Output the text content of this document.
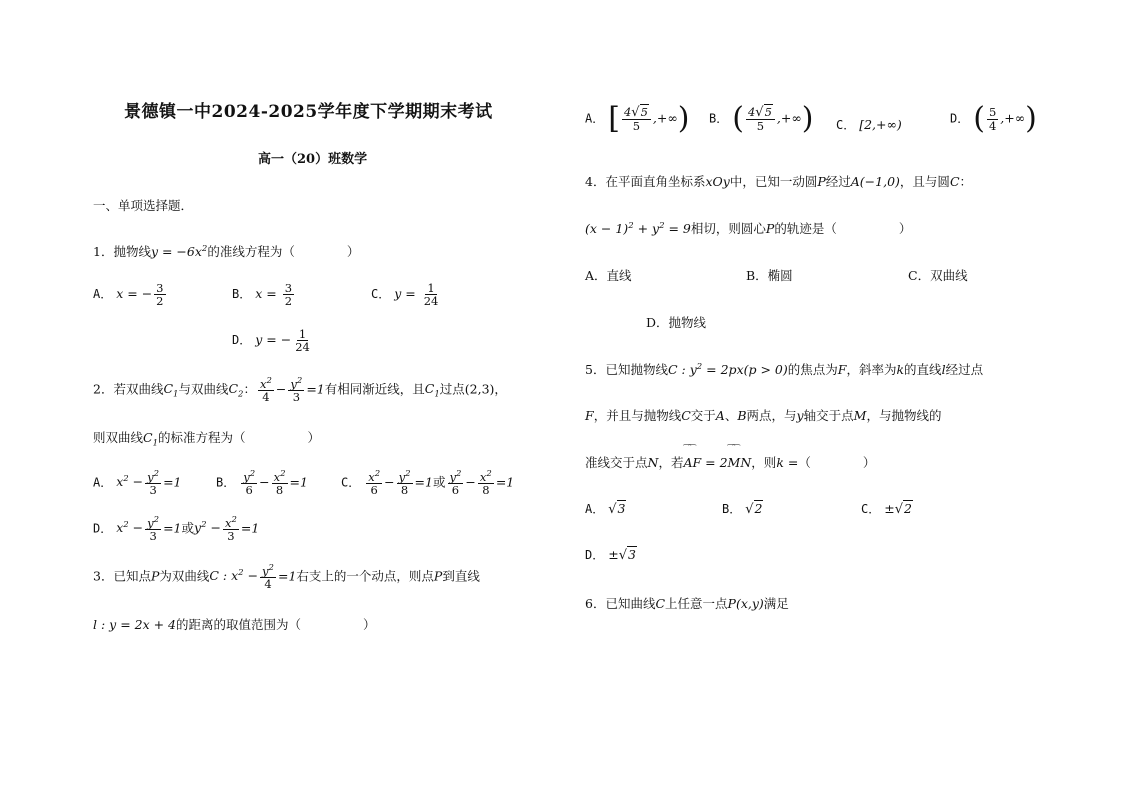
景德镇一中2024-2025学年度下学期期末考试
高一（20）班数学
一、单项选择题．
1．抛物线$y = -6x^2$的准线方程为（	）
A． x = − $\frac{3}{2}$	B． $x = \frac{3}{2}$	C． $y = \frac{1}{24}$
D． y = − $\frac{1}{24}$
2．若双曲线$C_1$与双曲线$C_2$： $\frac{x^2}{4} - \frac{y^2}{3} =1$有相同渐近线，且$C_1$过点(2,3)，
则双曲线$C_1$的标准方程为（	）
A． $x^2 - \frac{y^2}{3} =1$	B． $\frac{y^2}{6} - \frac{x^2}{8} =1$	C． $\frac{x^2}{6} - \frac{y^2}{8} =1$或 $\frac{y^2}{6} - \frac{x^2}{8} =1$
D． $x^2 - \frac{y^2}{3} =1$或$y^2 - \frac{x^2}{3} =1$
3．已知点P为双曲线C : $x^2 - \frac{y^2}{4} =1$右支上的一个动点，则点P到直线
l : y = 2x + 4的距离的取值范围为（	）
A． [ $\frac{4√5}{5}$ ,+∞) B． ( $\frac{4√5}{5}$ ,+∞) C． [2,+∞)	D． ( $\frac{5}{4}$ ,+∞)
4．在平面直角坐标系xOy中，已知一动圆P经过A(−1,0)，且与圆C：
$(x - 1)^2 + y^2 = 9$相切，则圆心P的轨迹是（	）
A．直线	B．椭圆	C．双曲线
D．抛物线
5．已知抛物线C : $y^2 = 2px(p > 0)$的焦点为F，斜率为k的直线l经过点
F，并且与抛物线C交于A、B两点，与y轴交于点M，与抛物线的
准线交于点N，若⁀⁀ AF = 2⁀⁀ MN，则k =（	）
A． √3	B． √2	C． ±√2
D． ±√3
6．已知曲线C上任意一点P(x,y)满足
